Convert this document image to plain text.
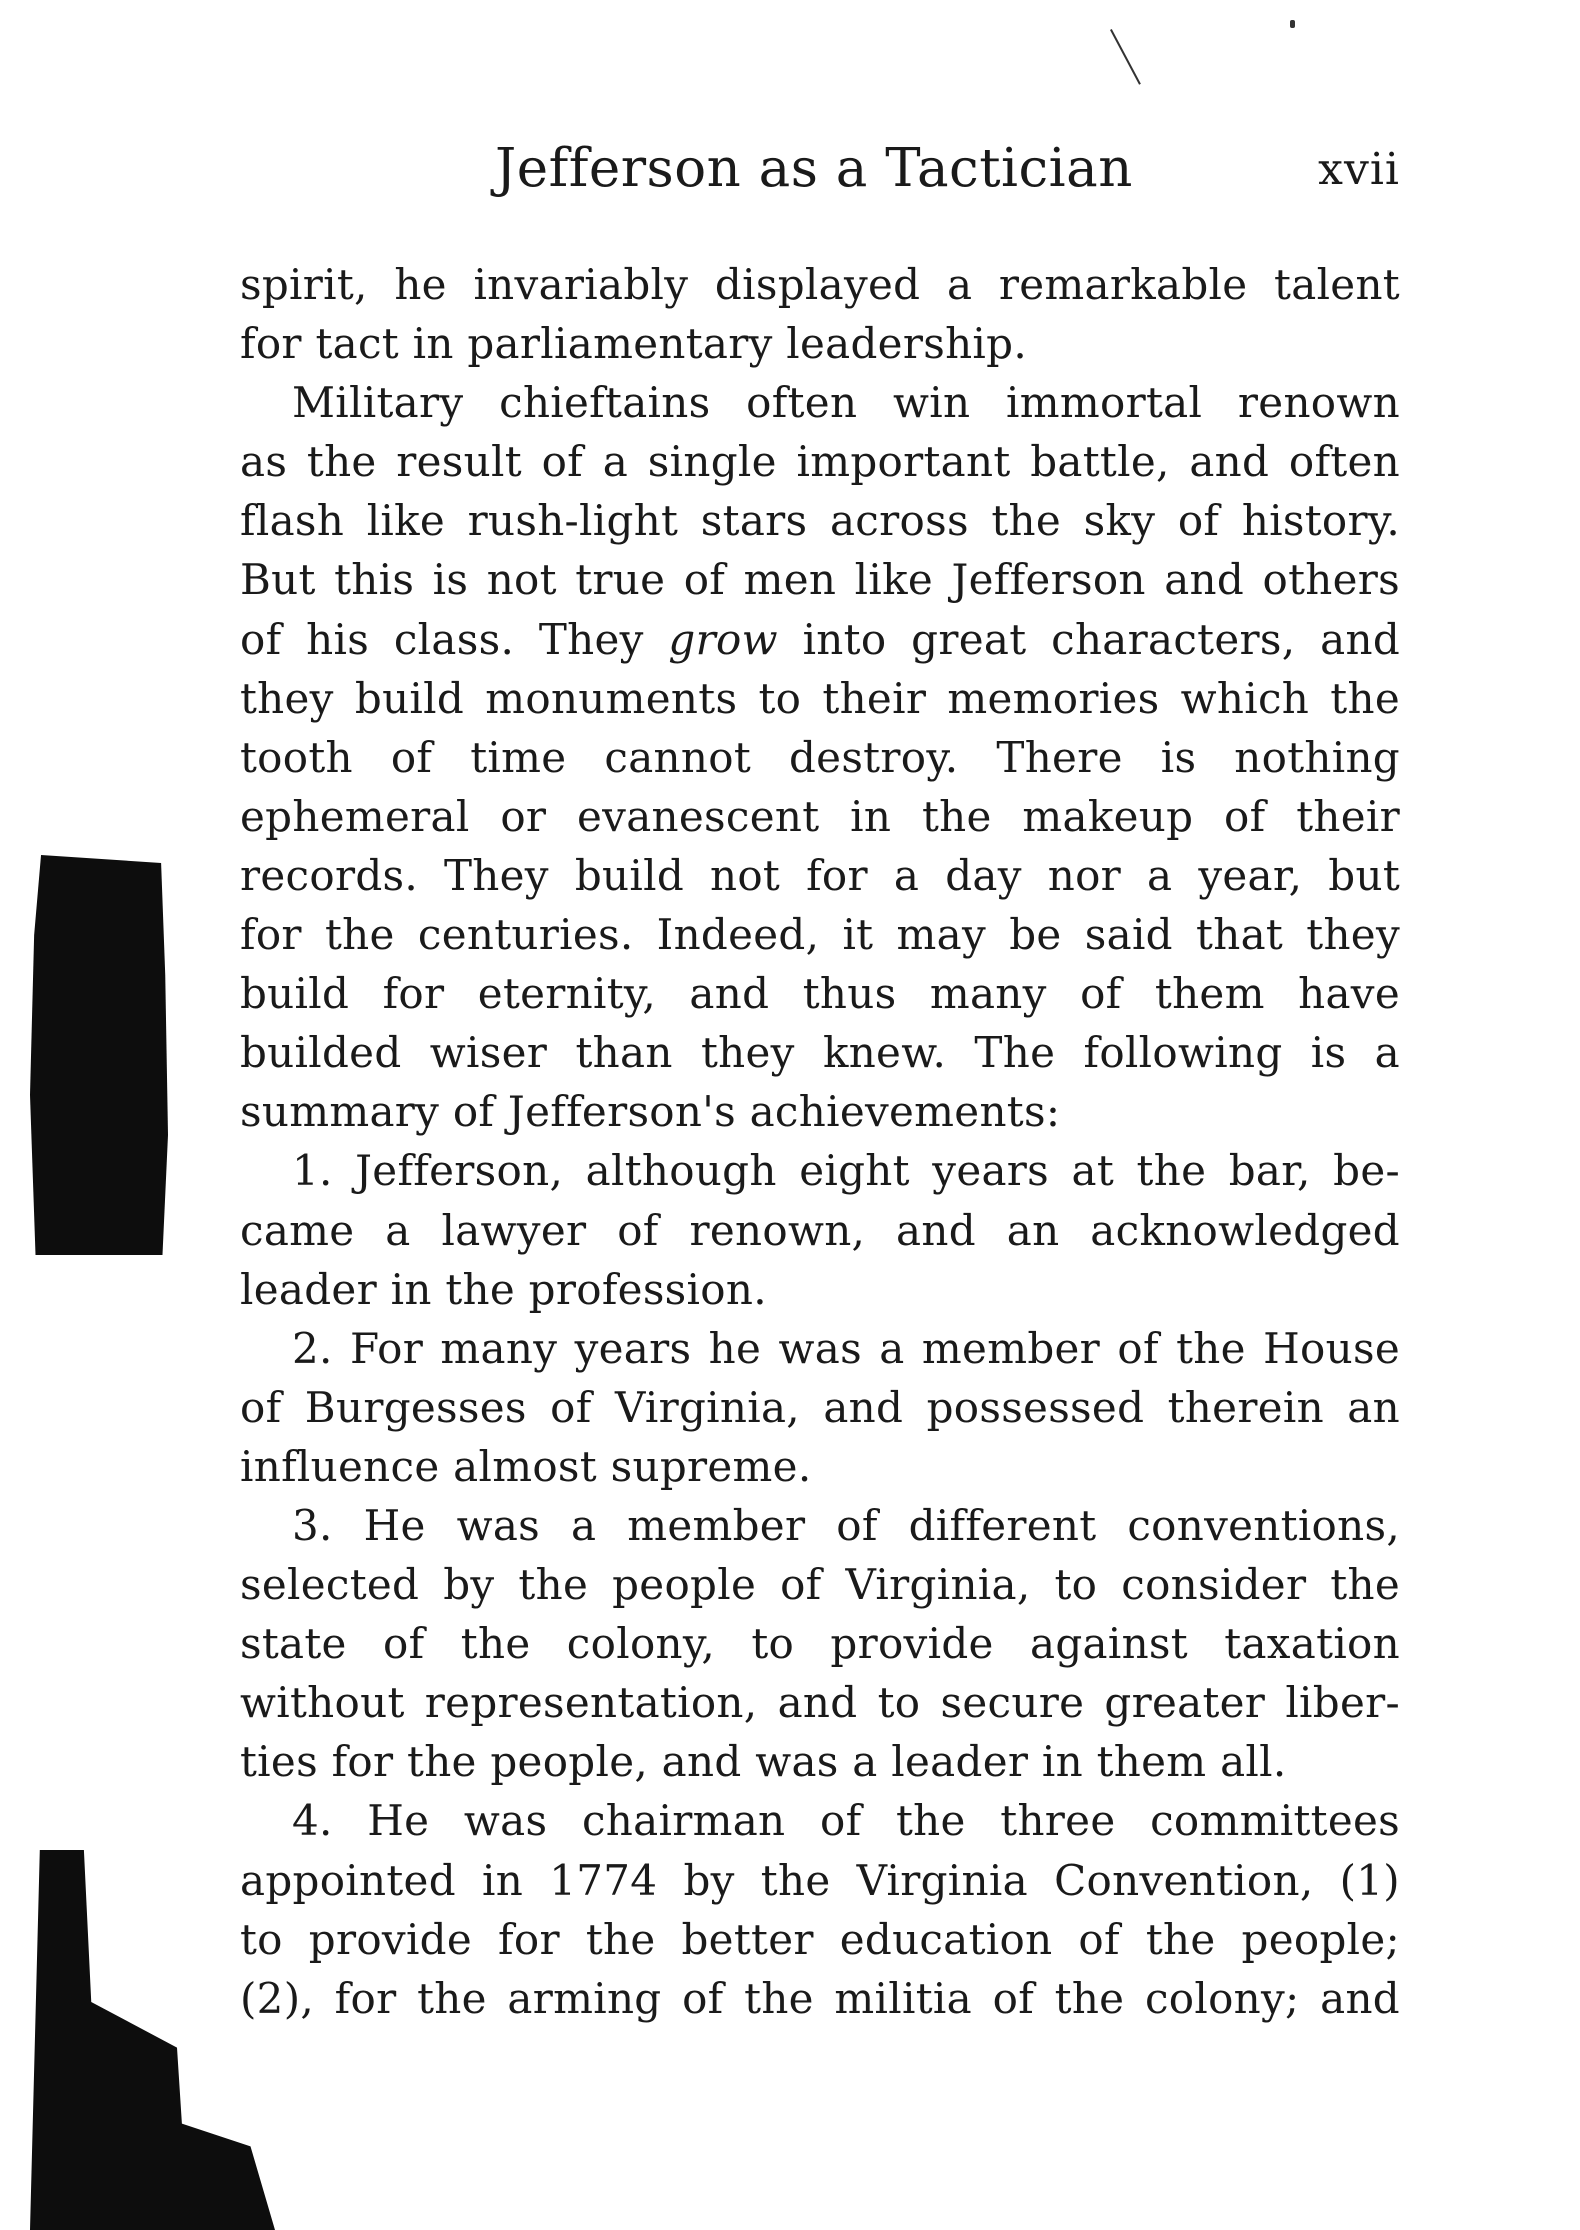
Jefferson as a Tactician	xvii
spirit, he invariably displayed a remarkable talent
for tact in parliamentary leadership.
Military chieftains often win immortal renown
as the result of a single important battle, and often
flash like rush-light stars across the sky of history.
But this is not true of men like Jefferson and others
of his class. They grow into great characters, and
they build monuments to their memories which the
tooth of time cannot destroy. There is nothing
ephemeral or evanescent in the makeup of their
records. They build not for a day nor a year, but
for the centuries. Indeed, it may be said that they
build for eternity, and thus many of them have
builded wiser than they knew. The following is a
summary of Jefferson's achievements:
1. Jefferson, although eight years at the bar, be-
came a lawyer of renown, and an acknowledged
leader in the profession.
2. For many years he was a member of the House
of Burgesses of Virginia, and possessed therein an
influence almost supreme.
3. He was a member of different conventions,
selected by the people of Virginia, to consider the
state of the colony, to provide against taxation
without representation, and to secure greater liber-
ties for the people, and was a leader in them all.
4. He was chairman of the three committees
appointed in 1774 by the Virginia Convention, (1)
to provide for the better education of the people;
(2), for the arming of the militia of the colony; and
